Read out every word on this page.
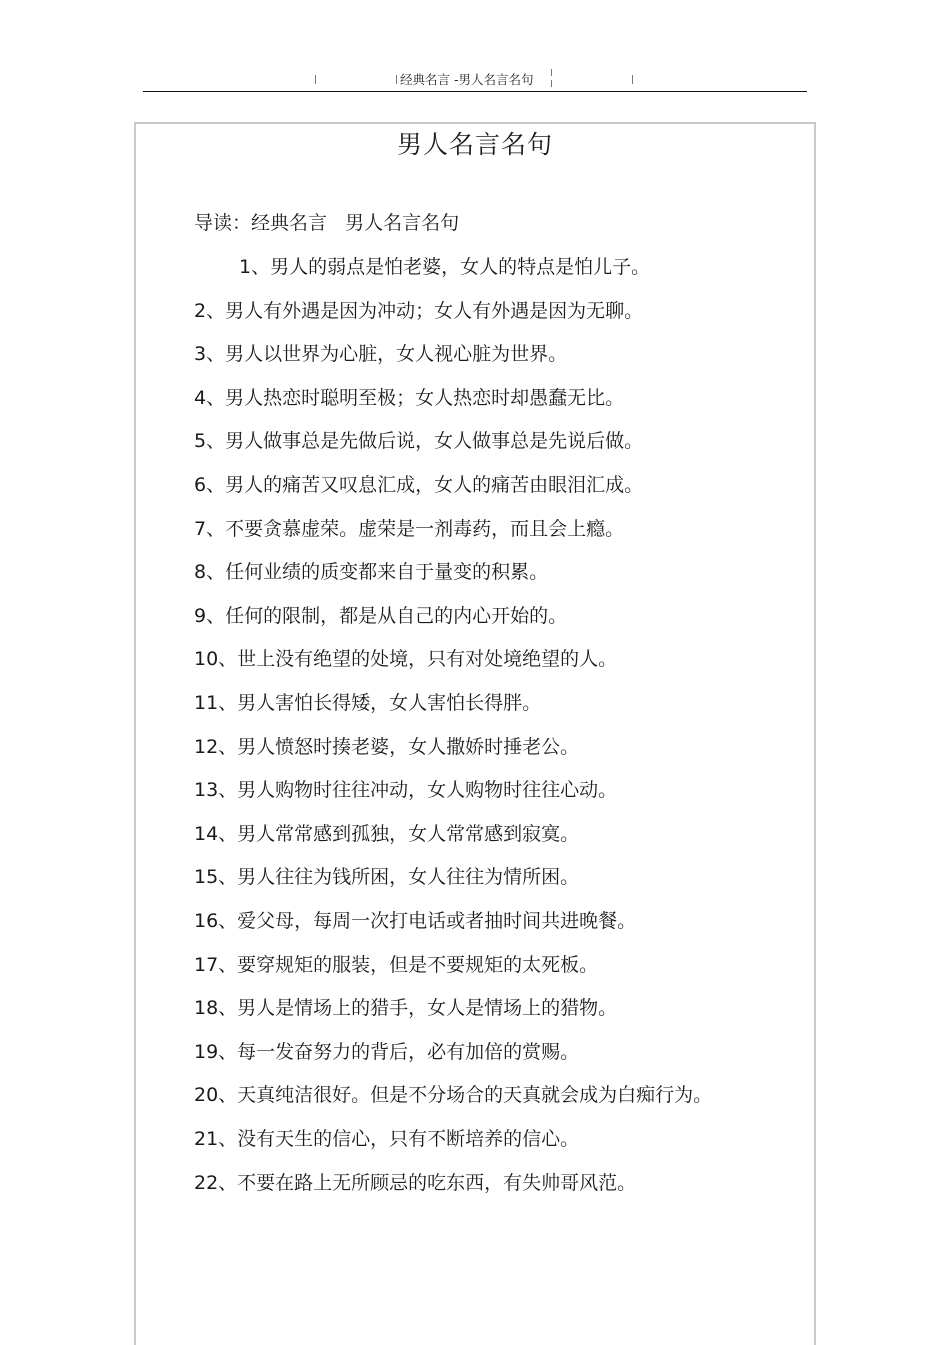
经典名言 -男人名言名句
男人名言名句
导读：经典名言   男人名言名句
1、男人的弱点是怕老婆，女人的特点是怕儿子。
2、男人有外遇是因为冲动；女人有外遇是因为无聊。
3、男人以世界为心脏，女人视心脏为世界。
4、男人热恋时聪明至极；女人热恋时却愚蠢无比。
5、男人做事总是先做后说，女人做事总是先说后做。
6、男人的痛苦又叹息汇成，女人的痛苦由眼泪汇成。
7、不要贪慕虚荣。虚荣是一剂毒药，而且会上瘾。
8、任何业绩的质变都来自于量变的积累。
9、任何的限制，都是从自己的内心开始的。
10、世上没有绝望的处境，只有对处境绝望的人。
11、男人害怕长得矮，女人害怕长得胖。
12、男人愤怒时揍老婆，女人撒娇时捶老公。
13、男人购物时往往冲动，女人购物时往往心动。
14、男人常常感到孤独，女人常常感到寂寞。
15、男人往往为钱所困，女人往往为情所困。
16、爱父母，每周一次打电话或者抽时间共进晚餐。
17、要穿规矩的服装，但是不要规矩的太死板。
18、男人是情场上的猎手，女人是情场上的猎物。
19、每一发奋努力的背后，必有加倍的赏赐。
20、天真纯洁很好。但是不分场合的天真就会成为白痴行为。
21、没有天生的信心，只有不断培养的信心。
22、不要在路上无所顾忌的吃东西，有失帅哥风范。
